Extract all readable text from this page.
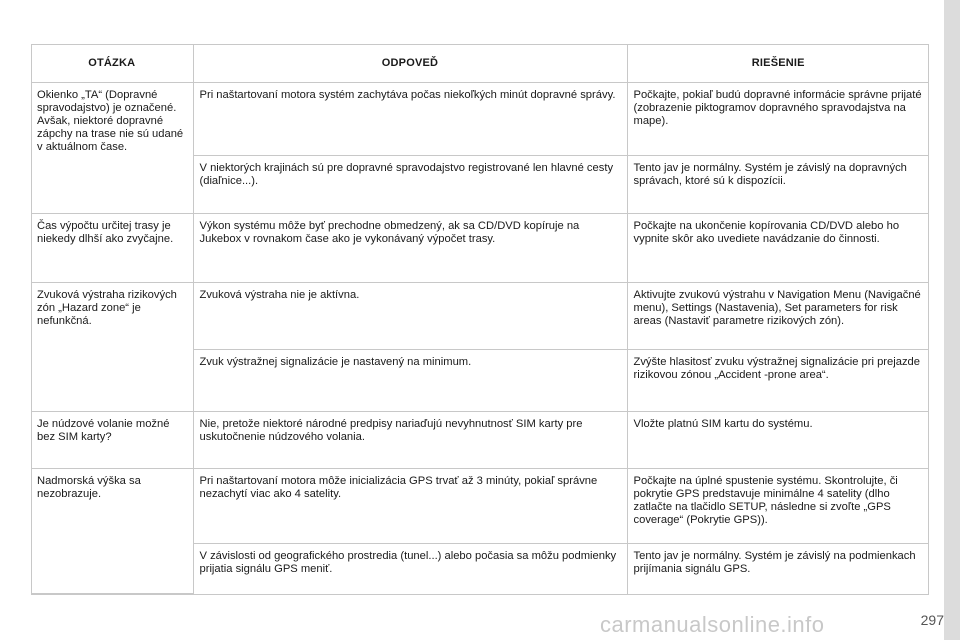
OTÁZKA	ODPOVEĎ	RIEŠENIE
Okienko „TA“ (Dopravné spravodajstvo) je označené. Avšak, niektoré dopravné zápchy na trase nie sú udané v aktuálnom čase.	Pri naštartovaní motora systém zachytáva počas niekoľkých minút dopravné správy.	Počkajte, pokiaľ budú dopravné informácie správne prijaté (zobrazenie piktogramov dopravného spravodajstva na mape).
	V niektorých krajinách sú pre dopravné spravodajstvo registrované len hlavné cesty (diaľnice...).	Tento jav je normálny. Systém je závislý na dopravných správach, ktoré sú k dispozícii.
Čas výpočtu určitej trasy je niekedy dlhší ako zvyčajne.	Výkon systému môže byť prechodne obmedzený, ak sa CD/DVD kopíruje na Jukebox v rovnakom čase ako je vykonávaný výpočet trasy.	Počkajte na ukončenie kopírovania CD/DVD alebo ho vypnite skôr ako uvediete navádzanie do činnosti.
Zvuková výstraha rizikových zón „Hazard zone“ je nefunkčná.	Zvuková výstraha nie je aktívna.	Aktivujte zvukovú výstrahu v Navigation Menu (Navigačné menu), Settings (Nastavenia), Set parameters for risk areas (Nastaviť parametre rizikových zón).
	Zvuk výstražnej signalizácie je nastavený na minimum.	Zvýšte hlasitosť zvuku výstražnej signalizácie pri prejazde rizikovou zónou „Accident -prone area“.
Je núdzové volanie možné bez SIM karty?	Nie, pretože niektoré národné predpisy nariaďujú nevyhnutnosť SIM karty pre uskutočnenie núdzového volania.	Vložte platnú SIM kartu do systému.
Nadmorská výška sa nezobrazuje.	Pri naštartovaní motora môže inicializácia GPS trvať až 3 minúty, pokiaľ správne nezachytí viac ako 4 satelity.	Počkajte na úplné spustenie systému. Skontrolujte, či pokrytie GPS predstavuje minimálne 4 satelity (dlho zatlačte na tlačidlo SETUP, následne si zvoľte „GPS coverage“ (Pokrytie GPS)).
	V závislosti od geografického prostredia (tunel...) alebo počasia sa môžu podmienky prijatia signálu GPS meniť.	Tento jav je normálny. Systém je závislý na podmienkach prijímania signálu GPS.
carmanualsonline.info	297
